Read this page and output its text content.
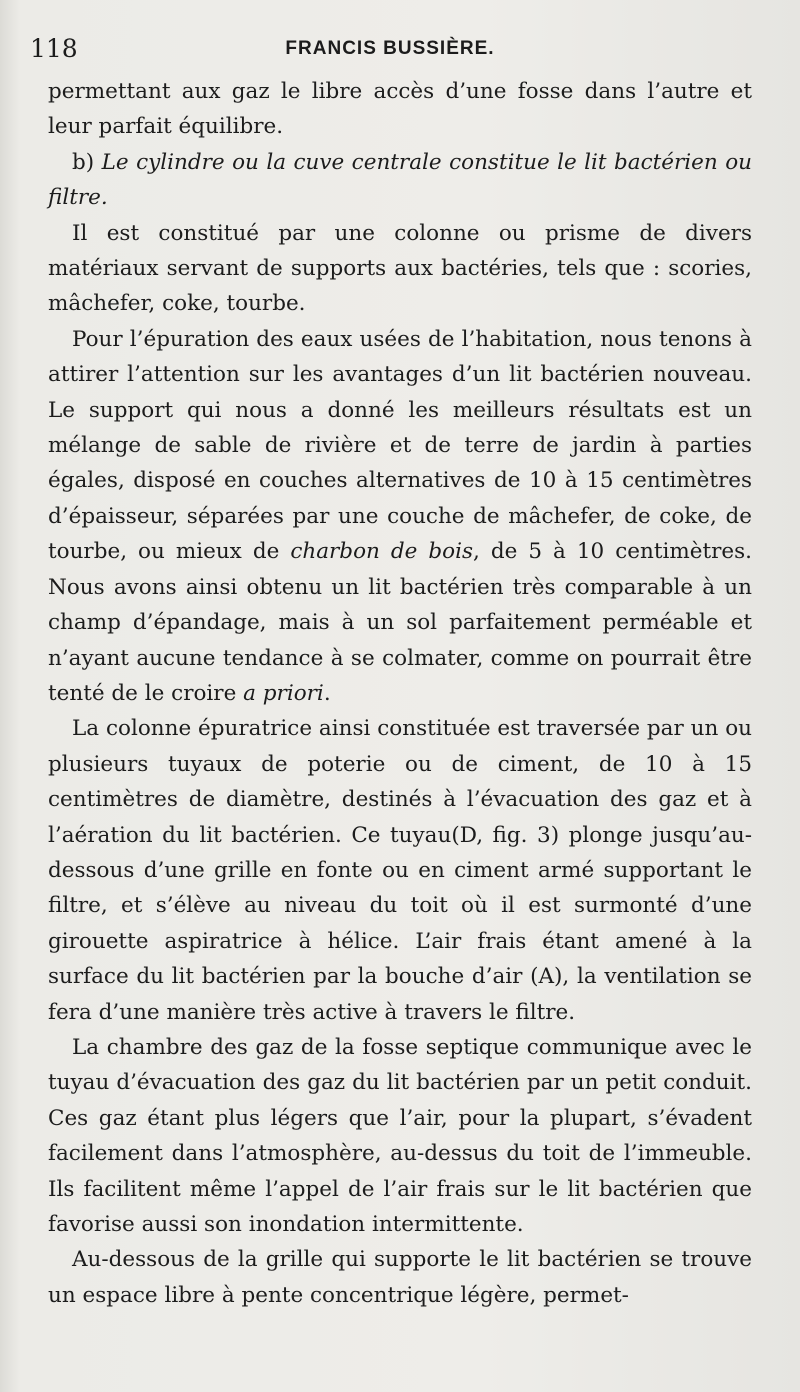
118	FRANCIS BUSSIÈRE.

permettant aux gaz le libre accès d’une fosse dans l’autre et leur parfait équilibre.

b) Le cylindre ou la cuve centrale constitue le lit bactérien ou filtre.

Il est constitué par une colonne ou prisme de divers matériaux servant de supports aux bactéries, tels que : scories, mâchefer, coke, tourbe.

Pour l’épuration des eaux usées de l’habitation, nous tenons à attirer l’attention sur les avantages d’un lit bactérien nouveau. Le support qui nous a donné les meilleurs résultats est un mélange de sable de rivière et de terre de jardin à parties égales, disposé en couches alternatives de 10 à 15 centimètres d’épaisseur, séparées par une couche de mâchefer, de coke, de tourbe, ou mieux de charbon de bois, de 5 à 10 centimètres. Nous avons ainsi obtenu un lit bactérien très comparable à un champ d’épandage, mais à un sol parfaitement perméable et n’ayant aucune tendance à se colmater, comme on pourrait être tenté de le croire a priori.

La colonne épuratrice ainsi constituée est traversée par un ou plusieurs tuyaux de poterie ou de ciment, de 10 à 15 centimètres de diamètre, destinés à l’évacuation des gaz et à l’aération du lit bactérien. Ce tuyau(D, fig. 3) plonge jusqu’au-dessous d’une grille en fonte ou en ciment armé supportant le filtre, et s’élève au niveau du toit où il est surmonté d’une girouette aspiratrice à hélice. L’air frais étant amené à la surface du lit bactérien par la bouche d’air (A), la ventilation se fera d’une manière très active à travers le filtre.

La chambre des gaz de la fosse septique communique avec le tuyau d’évacuation des gaz du lit bactérien par un petit conduit. Ces gaz étant plus légers que l’air, pour la plupart, s’évadent facilement dans l’atmosphère, au-dessus du toit de l’immeuble. Ils facilitent même l’appel de l’air frais sur le lit bactérien que favorise aussi son inondation intermittente.

Au-dessous de la grille qui supporte le lit bactérien se trouve un espace libre à pente concentrique légère, permet-
